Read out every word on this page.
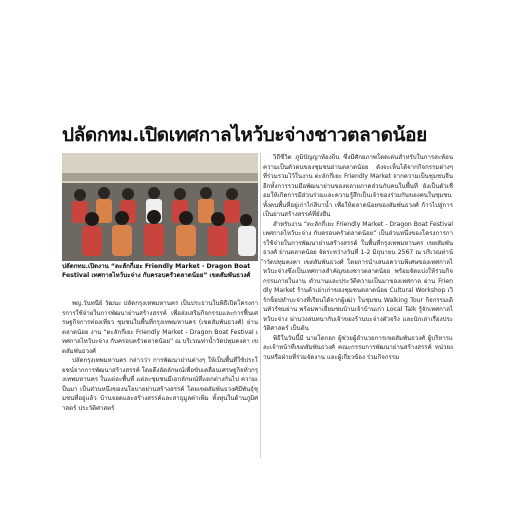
ปลัดกทม.เปิดเทศกาลไหว้บะจ่างชาวตลาดน้อย
ปลัดกทม.เปิดงาน “ตะลักกี่เยะ Friendly Market - Dragon Boat Festival เทศกาลไหว้บะจ่าง กับครอบครัวตลาดน้อย” เขตสัมพันธวงศ์

พญ.วันทนีย์ วัฒนะ ปลัดกรุงเทพมหานคร เป็นประธานในพิธีเปิดโครงการการใช้จ่ายในการพัฒนาย่านสร้างสรรค์ เพื่อส่งเสริมกิจกรรมและการฟื้นเศรษฐกิจการท่องเที่ยว ชุมชนในพื้นที่กรุงเทพมหานคร (เขตสัมพันธวงศ์) ย่านตลาดน้อย งาน “ตะลักกี่เยะ Friendly Market - Dragon Boat Festival เทศกาลไหว้บะจ่าง กับครอบครัวตลาดน้อย” ณ บริเวณท่าน้ำวัดปทุมคงคา เขตสัมพันธวงศ์

ปลัดกรุงเทพมหานคร กล่าวว่า การพัฒนาย่านต่างๆ ให้เป็นพื้นที่ใช้ประโยชน์จากการพัฒนาสร้างสรรค์ โดยดึงอัตลักษณ์เพื่อขับเคลื่อนเศรษฐกิจทั่วกรุงเทพมหานคร ในแต่ละพื้นที่ แต่ละชุมชนมีเอกลักษณ์ที่แตกต่างกันไป ความเป็นมา เป็นส่วนหนึ่งของนโยบายย่านสร้างสรรค์ โดยเขตสัมพันธวงศ์มีพันธุ์ชุมชนที่อยู่แล้ว บ้านจอดและสร้างสรรค์และสาธุมูลค่าเพิ่ม ทั้งทุนในด้านภูมิศาสตร์ ประวัติศาสตร์

วิถีชีวิต ภูมิปัญญาท้องถิ่น ซึ่งมีศักยภาพโดดเด่นสำหรับในการสะท้อนความเป็นตัวตนของชุมชนย่านตลาดน้อย ดังจะเห็นได้จากกิจกรรมต่างๆ ที่ร่วมรวมไว้ในงาน ตะลักกี่เยะ Friendly Market จากความเป็นชุมชนจีน อีกทั้งการรวมมือพัฒนาย่านของหลายภาคส่วนกับคนในพื้นที่ ยังเป็นตัวเชื่อมให้เกิดการมีส่วนร่วมและความรู้สึกเป็นเจ้าของร่วมกันของคนในชุมชน ทั้งคนพื้นที่อยู่เก่าไก่สิบาน้ำ เพื่อให้ตลาดน้อยของสัมพันธวงศ์ ก้าวไปสู่การเป็นย่านสร้างสรรค์ที่ยั่งยืน

สำหรับงาน “ตะลักกี่เยะ Friendly Market - Dragon Boat Festival เทศกาลไหว้บะจ่าง กับครอบครัวตลาดน้อย” เป็นส่วนหนึ่งของโครงการการใช้จ่ายในการพัฒนาย่านสร้างสรรค์ ในพื้นที่กรุงเทพมหานคร เขตสัมพันธวงศ์ ย่านตลาดน้อย จัดระหว่างวันที่ 1-2 มิถุนายน 2567 ณ บริเวณท่าน้ำวัดปทุมคงคา เขตสัมพันธวงศ์ โดยการนำเสนอความพิเศษของเทศกาลไหว้บะจ่างซึ่งเป็นเทศกาลสำคัญของชาวตลาดน้อย พร้อมจัดแบ่งให้ร่วมกิจกรรมภายในงาน ตำนานและประวัติความเป็นมาของเทศกาล ผ่าน Friendly Market ร้านค้าเอ่าเก่าของชุมชนตลาดน้อย Cultural Workshop เวิร์กช็อปทำบะจ่างที่เรียนได้จากผู้เฒ่า ในชุมชน Walking Tour กิจกรรมเดินทัวร์ชมย่าน พร้อมพาเยี่ยมชมบ้านเจ้าบ้านเก่า Local Talk รู้จักเทศกาลไหว้บะจ่าง ผ่านวงสนทนากับเจ้าของร้านบะจ่างตัวจริง และนักเล่าเรื่องประวัติศาสตร์ เป็นต้น

พิธีในวันนี้มี นายโตกอก ผู้ช่วยผู้อำนวยการเขตสัมพันธวงศ์ ผู้บริหารและเจ้าหน้าที่เขตสัมพันธวงศ์ คณะกรรมการพัฒนาย่านสร้างสรรค์ หน่วยงานหรือฝ่ายที่ร่วมจัดงาน และผู้เกี่ยวข้อง ร่วมกิจกรรม
